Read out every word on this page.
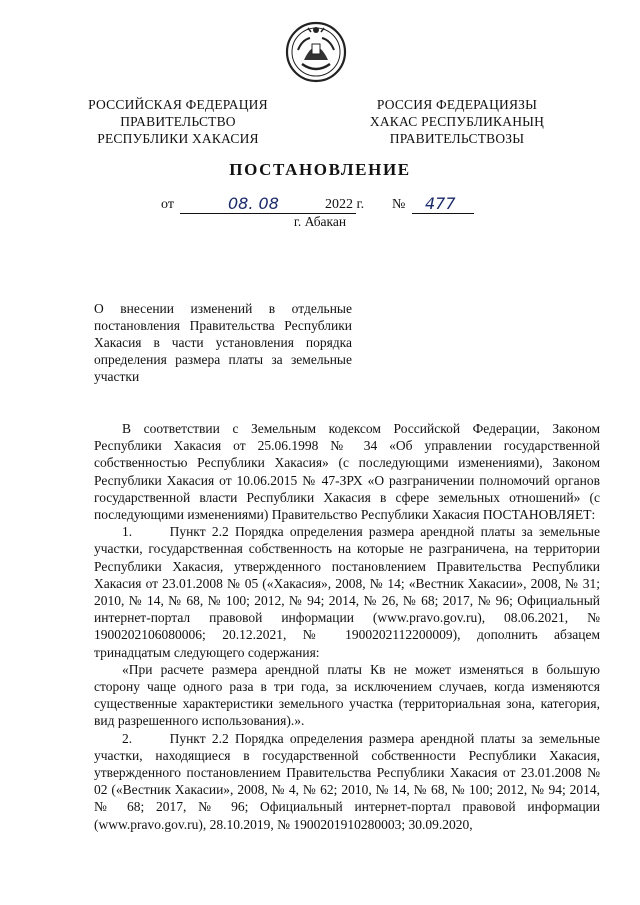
РОССИЙСКАЯ ФЕДЕРАЦИЯ
ПРАВИТЕЛЬСТВО
РЕСПУБЛИКИ ХАКАСИЯ
РОССИЯ ФЕДЕРАЦИЯЗЫ
ХАКАС РЕСПУБЛИКАНЫҢ
ПРАВИТЕЛЬСТВОЗЫ
ПОСТАНОВЛЕНИЕ
от	08. 08	2022 г. № 477
г. Абакан
О внесении изменений в отдельные постановления Правительства Республики Хакасия в части установления порядка определения размера платы за земельные участки

В соответствии с Земельным кодексом Российской Федерации, Законом Республики Хакасия от 25.06.1998 № 34 «Об управлении государственной собственностью Республики Хакасия» (с последующими изменениями), Законом Республики Хакасия от 10.06.2015 № 47-ЗРХ «О разграничении полномочий органов государственной власти Республики Хакасия в сфере земельных отношений» (с последующими изменениями) Правительство Республики Хакасия ПОСТАНОВЛЯЕТ:

1.      Пункт 2.2 Порядка определения размера арендной платы за земельные участки, государственная собственность на которые не разграничена, на территории Республики Хакасия, утвержденного постановлением Правительства Республики Хакасия от 23.01.2008 № 05 («Хакасия», 2008, № 14; «Вестник Хакасии», 2008, № 31; 2010, № 14, № 68, № 100; 2012, № 94; 2014, № 26, № 68; 2017, № 96; Официальный интернет-портал правовой информации (www.pravo.gov.ru), 08.06.2021, № 1900202106080006; 20.12.2021, № 1900202112200009), дополнить абзацем тринадцатым следующего содержания:

«При расчете размера арендной платы Кв не может изменяться в большую сторону чаще одного раза в три года, за исключением случаев, когда изменяются существенные характеристики земельного участка (территориальная зона, категория, вид разрешенного использования).».

2.      Пункт 2.2 Порядка определения размера арендной платы за земельные участки, находящиеся в государственной собственности Республики Хакасия, утвержденного постановлением Правительства Республики Хакасия от 23.01.2008 № 02 («Вестник Хакасии», 2008, № 4, № 62; 2010, № 14, № 68, № 100; 2012, № 94; 2014, № 68; 2017, № 96; Официальный интернет-портал правовой информации (www.pravo.gov.ru), 28.10.2019, № 1900201910280003; 30.09.2020,
